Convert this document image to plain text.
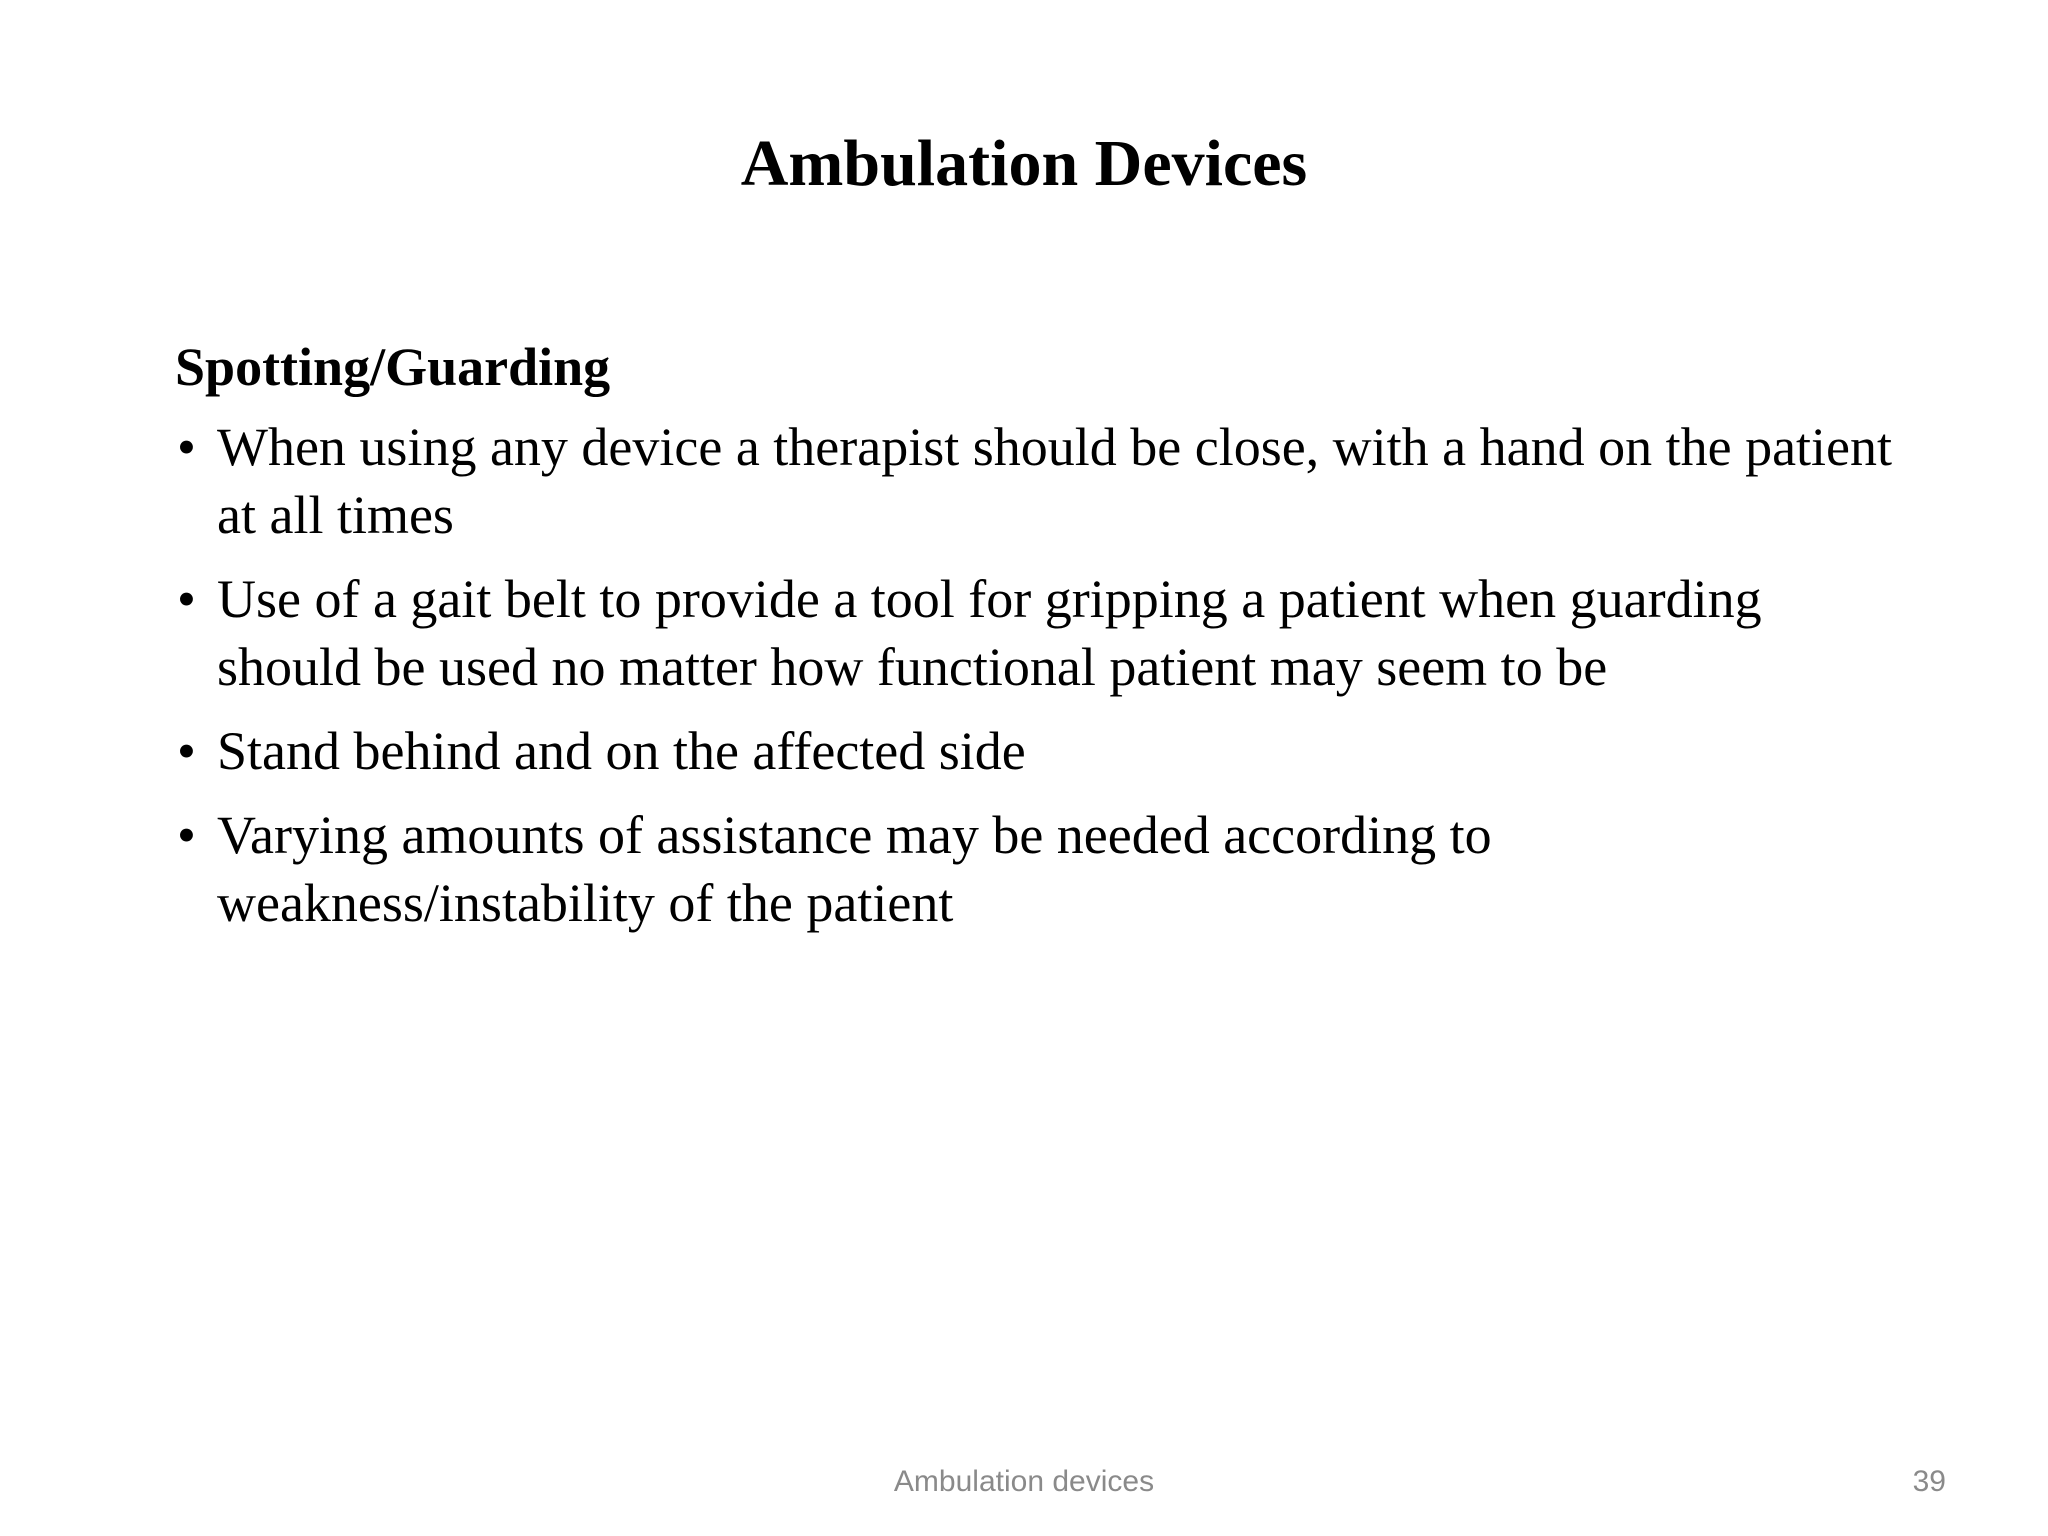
Ambulation Devices
Spotting/Guarding
• When using any device a therapist should be close, with a hand on the patient at all times
• Use of a gait belt to provide a tool for gripping a patient when guarding should be used no matter how functional patient may seem to be
• Stand behind and on the affected side
• Varying amounts of assistance may be needed according to weakness/instability of the patient
Ambulation devices	39
